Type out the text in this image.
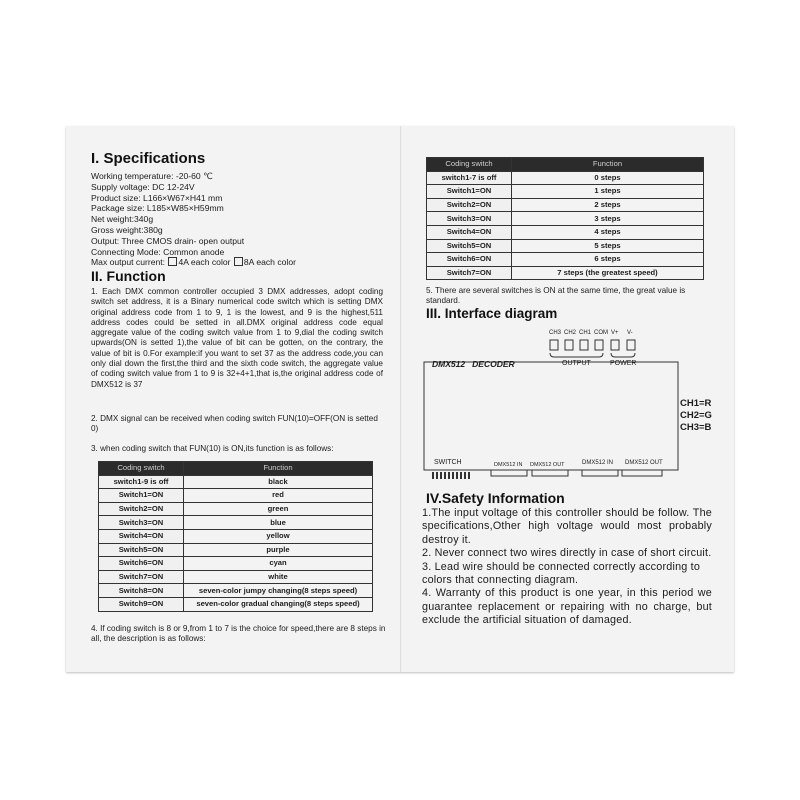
I. Specifications

Working temperature: -20-60 ℃

Supply voltage: DC 12-24V

Product size: L166×W67×H41 mm

Package size: L185×W85×H59mm

Net weight:340g

Gross weight:380g

Output: Three CMOS drain- open output

Connecting Mode: Common anode

Max output current: 4A each color 8A each color

II. Function

1. Each DMX common controller occupied 3 DMX addresses, adopt coding switch set address, it is a Binary numerical code switch which is setting DMX original address code from 1 to 9, 1 is the lowest, and 9 is the highest,511 address codes could be setted in all.DMX original address code equal aggregate value of the coding switch value from 1 to 9,dial the coding switch upwards(ON is setted 1),the value of bit can be gotten, on the contrary, the value of bit is 0.For example:if you want to set 37 as the address code,you can only dial down the first,the third and the sixth code switch, the aggregate value of coding switch value from 1 to 9 is 32+4+1,that is,the original address code of DMX512 is 37

2. DMX signal can be received when coding switch FUN(10)=OFF(ON is setted 0)

3. when coding switch that FUN(10) is ON,its function is as follows:

Coding switch	Function
switch1-9 is off	black
Switch1=ON	red
Switch2=ON	green
Switch3=ON	blue
Switch4=ON	yellow
Switch5=ON	purple
Switch6=ON	cyan
Switch7=ON	white
Switch8=ON	seven-color jumpy changing(8 steps speed)
Switch9=ON	seven-color gradual changing(8 steps speed)

4. If coding switch is 8 or 9,from 1 to 7 is the choice for speed,there are 8 steps in all, the description is as follows:

Coding switch	Function
switch1-7 is off	0 steps
Switch1=ON	1 steps
Switch2=ON	2 steps
Switch3=ON	3 steps
Switch4=ON	4 steps
Switch5=ON	5 steps
Switch6=ON	6 steps
Switch7=ON	7 steps (the greatest speed)

5. There are several switches is ON at the same time, the great value is standard.

III. Interface diagram
CH3 CH2 CH1 COM V+ V-
OUTPUT	POWER
DMX512   DECODER
CH1=R
CH2=G
CH3=B
SWITCH	DMX512 IN DMX512 OUT	DMX512 IN DMX512 OUT
IV.Safety Information

1.The input voltage of this controller should be follow. The specifications,Other high voltage would most probably destroy it.

2. Never connect two wires directly in case of short circuit.

3. Lead wire should be connected correctly according to colors that connecting diagram.

4. Warranty of this product is one year, in this period we guarantee replacement or repairing with no charge, but exclude the artificial situation of damaged.
